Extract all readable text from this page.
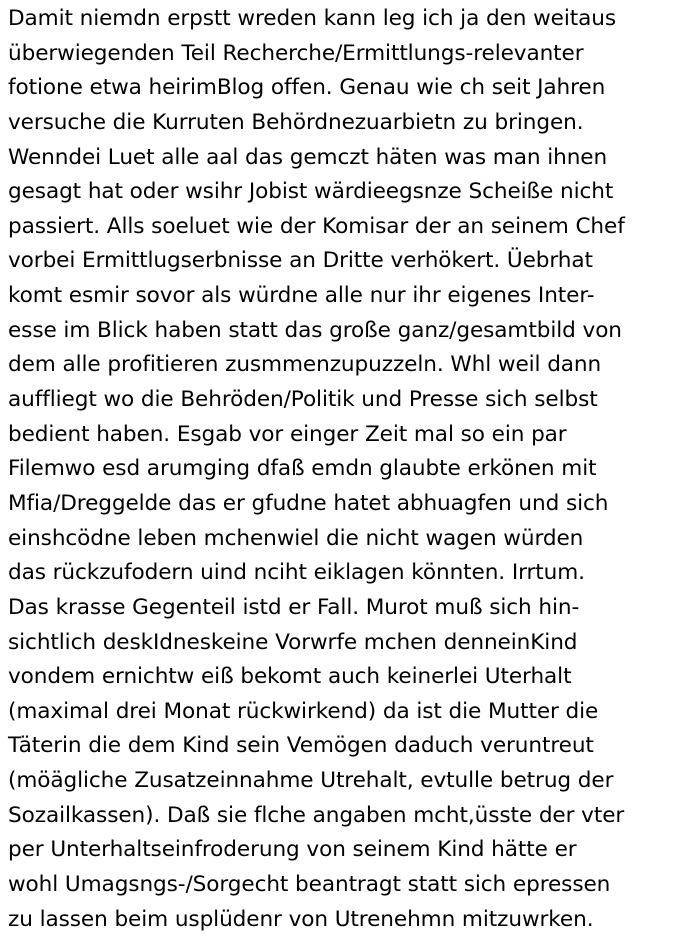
Damit niemdn erpstt wreden kann leg ich ja den weitaus
überwiegenden Teil Recherche/Ermittlungs-relevanter
fotione etwa heirimBlog offen. Genau wie ch seit Jahren
versuche die Kurruten Behördnezuarbietn zu bringen.
Wenndei Luet alle aal das gemczt häten was man ihnen
gesagt hat oder wsihr Jobist wärdieegsnze Scheiße nicht
passiert. Alls soeluet wie der Komisar der an seinem Chef
vorbei Ermittlugserbnisse an Dritte verhökert. Üebrhat
komt esmir sovor als würdne alle nur ihr eigenes Inter-
esse im Blick haben statt das große ganz/gesamtbild von
dem alle profitieren zusmmenzupuzzeln. Whl weil dann
auffliegt wo die Behröden/Politik und Presse sich selbst
bedient haben. Esgab vor einger Zeit mal so ein par
Filemwo esd arumging dfaß emdn glaubte erkönen mit
Mfia/Dreggelde das er gfudne hatet abhuagfen und sich
einshcödne leben mchenwiel die nicht wagen würden
das rückzufodern uind nciht eiklagen könnten. Irrtum.
Das krasse Gegenteil istd er Fall. Murot muß sich hin-
sichtlich deskIdneskeine Vorwrfe mchen denneinKind
vondem ernichtw eiß bekomt auch keinerlei Uterhalt
(maximal drei Monat rückwirkend) da ist die Mutter die
Täterin die dem Kind sein Vemögen daduch veruntreut
(möägliche Zusatzeinnahme Utrehalt, evtulle betrug der
Sozailkassen). Daß sie flche angaben mcht,üsste der vter
per Unterhaltseinfroderung von seinem Kind hätte er
wohl Umagsngs-/Sorgecht beantragt statt sich epressen
zu lassen beim usplüdenr von Utrenehmn mitzuwrken.
